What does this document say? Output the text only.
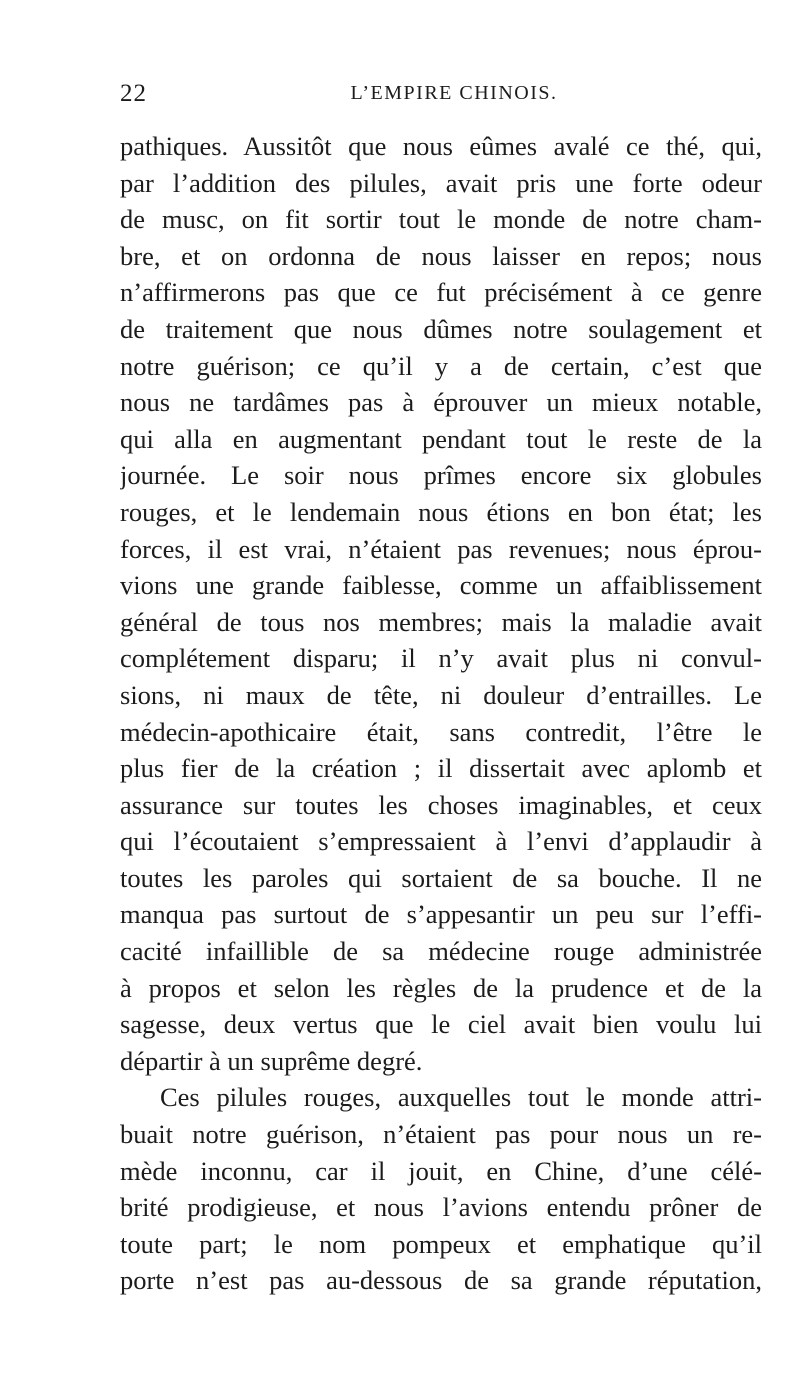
22	L’EMPIRE CHINOIS.
pathiques. Aussitôt que nous eûmes avalé ce thé, qui,
par l’addition des pilules, avait pris une forte odeur
de musc, on fit sortir tout le monde de notre cham-
bre, et on ordonna de nous laisser en repos; nous
n’affirmerons pas que ce fut précisément à ce genre
de traitement que nous dûmes notre soulagement et
notre guérison; ce qu’il y a de certain, c’est que
nous ne tardâmes pas à éprouver un mieux notable,
qui alla en augmentant pendant tout le reste de la
journée. Le soir nous prîmes encore six globules
rouges, et le lendemain nous étions en bon état; les
forces, il est vrai, n’étaient pas revenues; nous éprou-
vions une grande faiblesse, comme un affaiblissement
général de tous nos membres; mais la maladie avait
complétement disparu; il n’y avait plus ni convul-
sions, ni maux de tête, ni douleur d’entrailles. Le
médecin-apothicaire était, sans contredit, l’être le
plus fier de la création ; il dissertait avec aplomb et
assurance sur toutes les choses imaginables, et ceux
qui l’écoutaient s’empressaient à l’envi d’applaudir à
toutes les paroles qui sortaient de sa bouche. Il ne
manqua pas surtout de s’appesantir un peu sur l’effi-
cacité infaillible de sa médecine rouge administrée
à propos et selon les règles de la prudence et de la
sagesse, deux vertus que le ciel avait bien voulu lui
départir à un suprême degré.
Ces pilules rouges, auxquelles tout le monde attri-
buait notre guérison, n’étaient pas pour nous un re-
mède inconnu, car il jouit, en Chine, d’une célé-
brité prodigieuse, et nous l’avions entendu prôner de
toute part; le nom pompeux et emphatique qu’il
porte n’est pas au-dessous de sa grande réputation,
